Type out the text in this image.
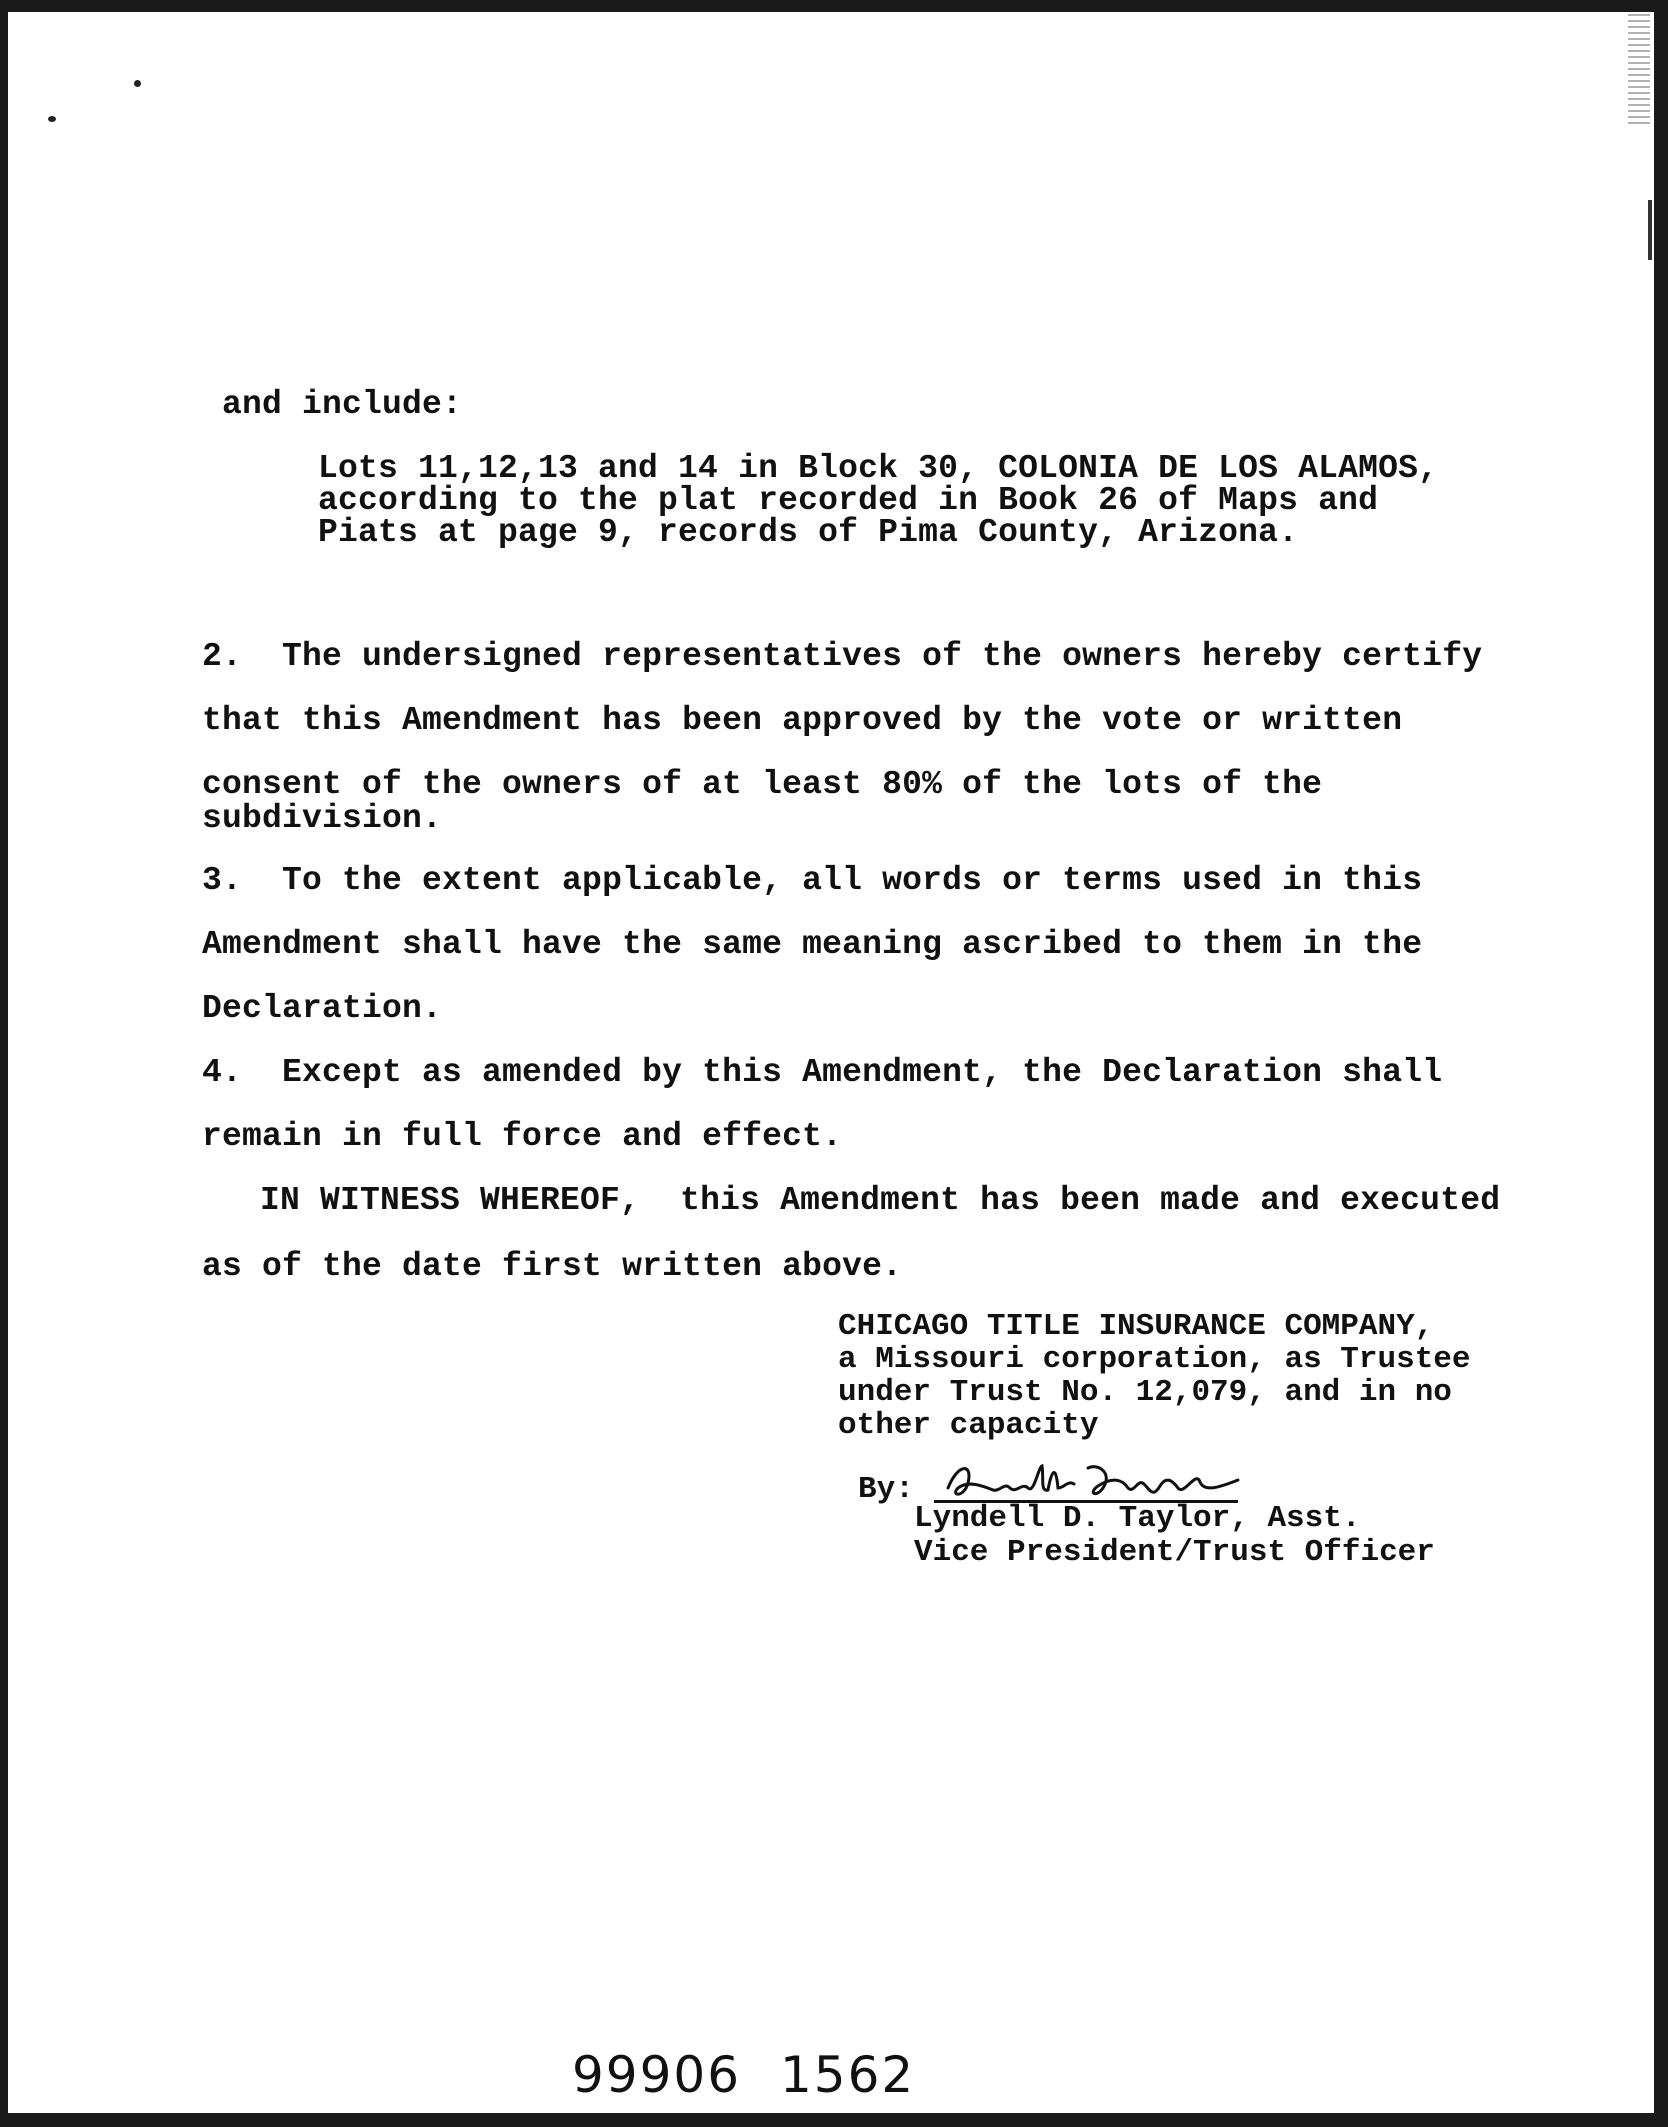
and include:
Lots 11,12,13 and 14 in Block 30, COLONIA DE LOS ALAMOS,
according to the plat recorded in Book 26 of Maps and
Piats at page 9, records of Pima County, Arizona.
2.  The undersigned representatives of the owners hereby certify
that this Amendment has been approved by the vote or written
consent of the owners of at least 80% of the lots of the
subdivision.
3.  To the extent applicable, all words or terms used in this
Amendment shall have the same meaning ascribed to them in the
Declaration.
4.  Except as amended by this Amendment, the Declaration shall
remain in full force and effect.
IN WITNESS WHEREOF,  this Amendment has been made and executed
as of the date first written above.
CHICAGO TITLE INSURANCE COMPANY,
a Missouri corporation, as Trustee
under Trust No. 12,079, and in no
other capacity
By:
Lyndell D. Taylor, Asst.
Vice President/Trust Officer
99906 1562
